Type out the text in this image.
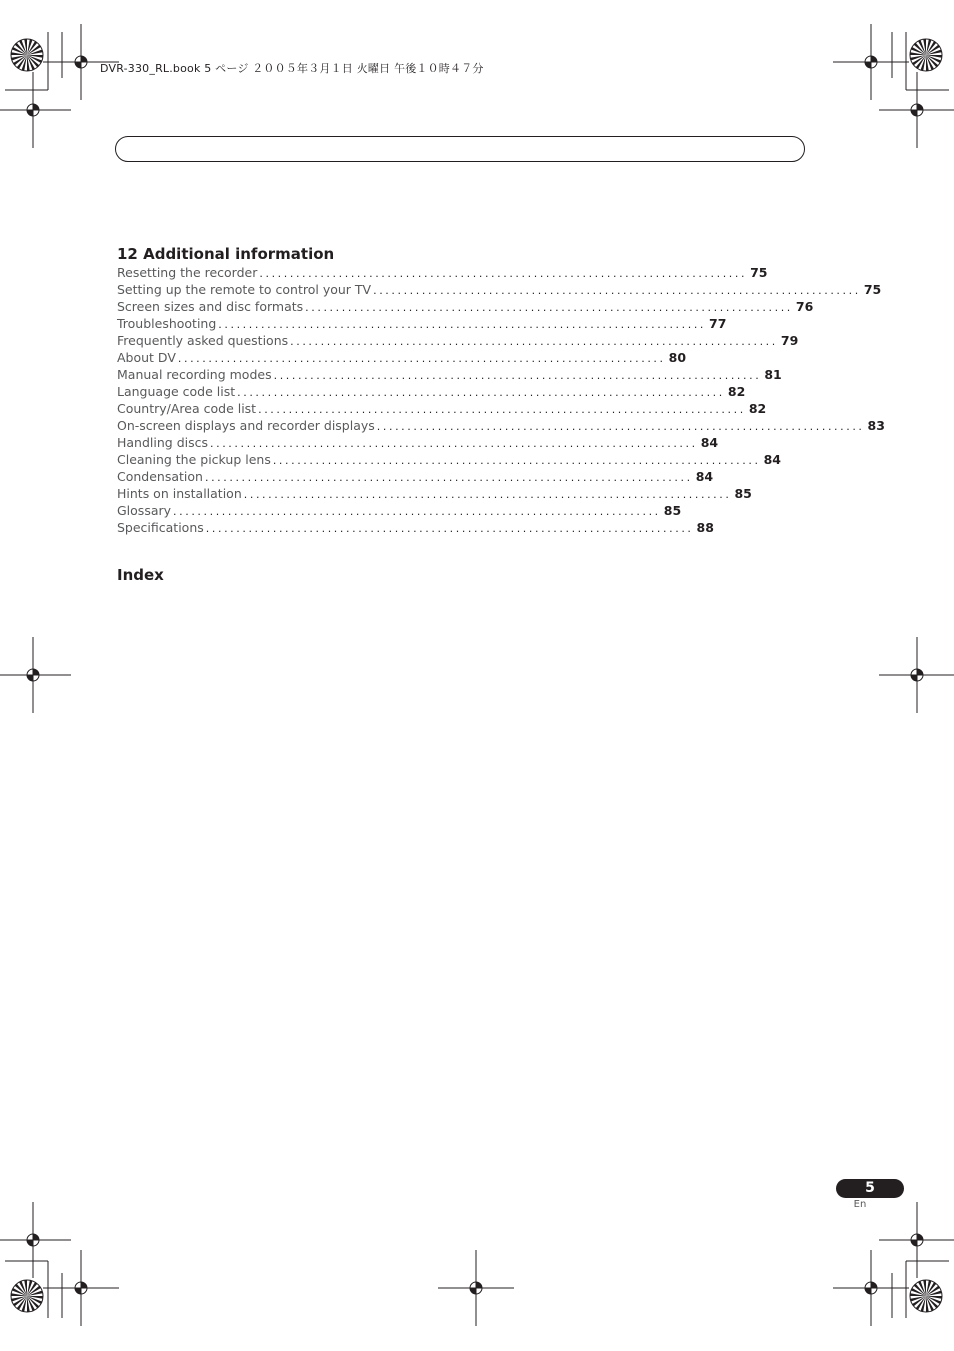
DVR-330_RL.book 5 ページ ２００５年３月１日 火曜日 午後１０時４７分
12 Additional information
Resetting the recorder ................................................................................ 75
Setting up the remote to control your TV ................................................................................ 75
Screen sizes and disc formats ................................................................................ 76
Troubleshooting ................................................................................ 77
Frequently asked questions ................................................................................ 79
About DV ................................................................................ 80
Manual recording modes ................................................................................ 81
Language code list ................................................................................ 82
Country/Area code list ................................................................................ 82
On-screen displays and recorder displays ................................................................................ 83
Handling discs ................................................................................ 84
Cleaning the pickup lens ................................................................................ 84
Condensation ................................................................................ 84
Hints on installation ................................................................................ 85
Glossary ................................................................................ 85
Specifications ................................................................................ 88
Index
5
En
